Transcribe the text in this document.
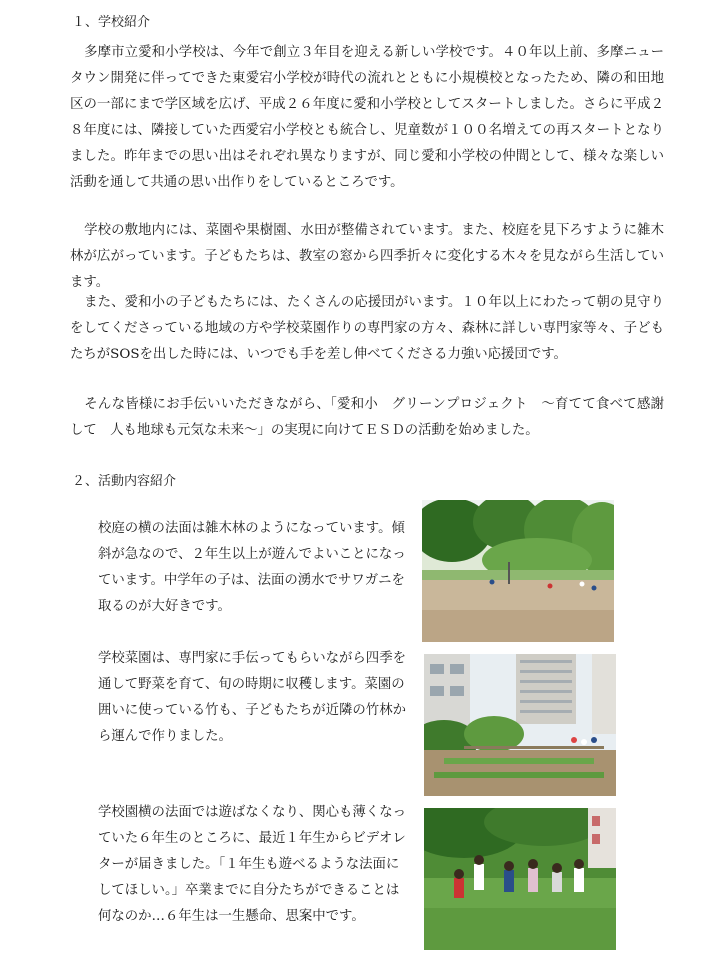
１、学校紹介

多摩市立愛和小学校は、今年で創立３年目を迎える新しい学校です。４０年以上前、多摩ニュータウン開発に伴ってできた東愛宕小学校が時代の流れとともに小規模校となったため、隣の和田地区の一部にまで学区域を広げ、平成２６年度に愛和小学校としてスタートしました。さらに平成２８年度には、隣接していた西愛宕小学校とも統合し、児童数が１００名増えての再スタートとなりました。昨年までの思い出はそれぞれ異なりますが、同じ愛和小学校の仲間として、様々な楽しい活動を通して共通の思い出作りをしているところです。

学校の敷地内には、菜園や果樹園、水田が整備されています。また、校庭を見下ろすように雑木林が広がっています。子どもたちは、教室の窓から四季折々に変化する木々を見ながら生活しています。

また、愛和小の子どもたちには、たくさんの応援団がいます。１０年以上にわたって朝の見守りをしてくださっている地域の方や学校菜園作りの専門家の方々、森林に詳しい専門家等々、子どもたちがSOSを出した時には、いつでも手を差し伸べてくださる力強い応援団です。

そんな皆様にお手伝いいただきながら、「愛和小　グリーンプロジェクト　～育てて食べて感謝して　人も地球も元気な未来～」の実現に向けてＥＳＤの活動を始めました。

２、活動内容紹介

校庭の横の法面は雑木林のようになっています。傾斜が急なので、２年生以上が遊んでよいことになっています。中学年の子は、法面の湧水でサワガニを取るのが大好きです。

学校菜園は、専門家に手伝ってもらいながら四季を通して野菜を育て、旬の時期に収穫します。菜園の囲いに使っている竹も、子どもたちが近隣の竹林から運んで作りました。

学校園横の法面では遊ばなくなり、関心も薄くなっていた６年生のところに、最近１年生からビデオレターが届きました。「１年生も遊べるような法面にしてほしい。」卒業までに自分たちができることは何なのか…６年生は一生懸命、思案中です。
